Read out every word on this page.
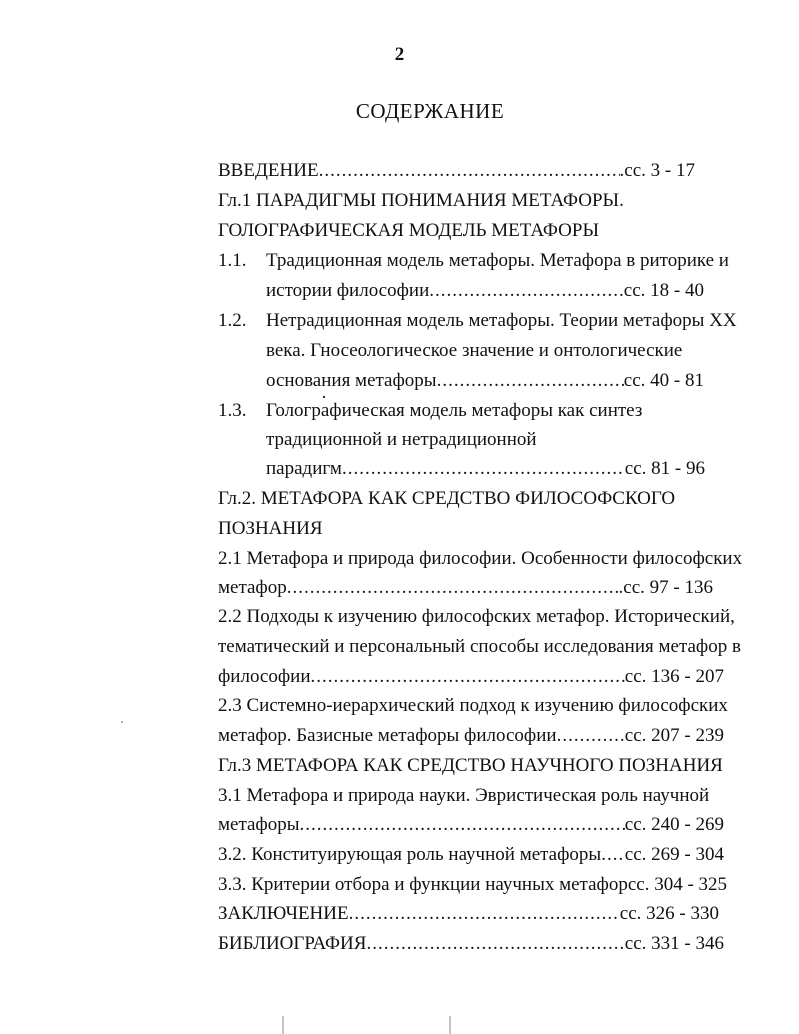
2
СОДЕРЖАНИЕ
ВВЕДЕНИЕ .....	.сс. 3 - 17
Гл.1 ПАРАДИГМЫ ПОНИМАНИЯ МЕТАФОРЫ.
ГОЛОГРАФИЧЕСКАЯ МОДЕЛЬ МЕТАФОРЫ
1.1. Традиционная модель метафоры. Метафора в риторике и
истории философии .....	сс. 18 - 40
1.2. Нетрадиционная модель метафоры. Теории метафоры XX
века. Гносеологическое значение и онтологические
основания метафоры .....	сс. 40 - 81
1.3. Голографическая модель метафоры как синтез
традиционной и нетрадиционной
парадигм .....	сс. 81 - 96
Гл.2. МЕТАФОРА КАК СРЕДСТВО ФИЛОСОФСКОГО
ПОЗНАНИЯ
2.1 Метафора и природа философии. Особенности философских
метафор .....	.сс. 97 - 136
2.2 Подходы к изучению философских метафор. Исторический,
тематический и персональный способы исследования метафор в
философии .....	сс. 136 - 207
2.3 Системно-иерархический подход к изучению философских
метафор. Базисные метафоры философии .....	сс. 207 - 239
Гл.3 МЕТАФОРА КАК СРЕДСТВО НАУЧНОГО ПОЗНАНИЯ
3.1 Метафора и природа науки. Эвристическая роль научной
метафоры .....	сс. 240 - 269
3.2. Конституирующая роль научной метафоры ..... сс. 269 - 304
3.3. Критерии отбора и функции научных метафор сс. 304 - 325
ЗАКЛЮЧЕНИЕ .....	сс. 326 - 330
БИБЛИОГРАФИЯ .....	сс. 331 - 346
